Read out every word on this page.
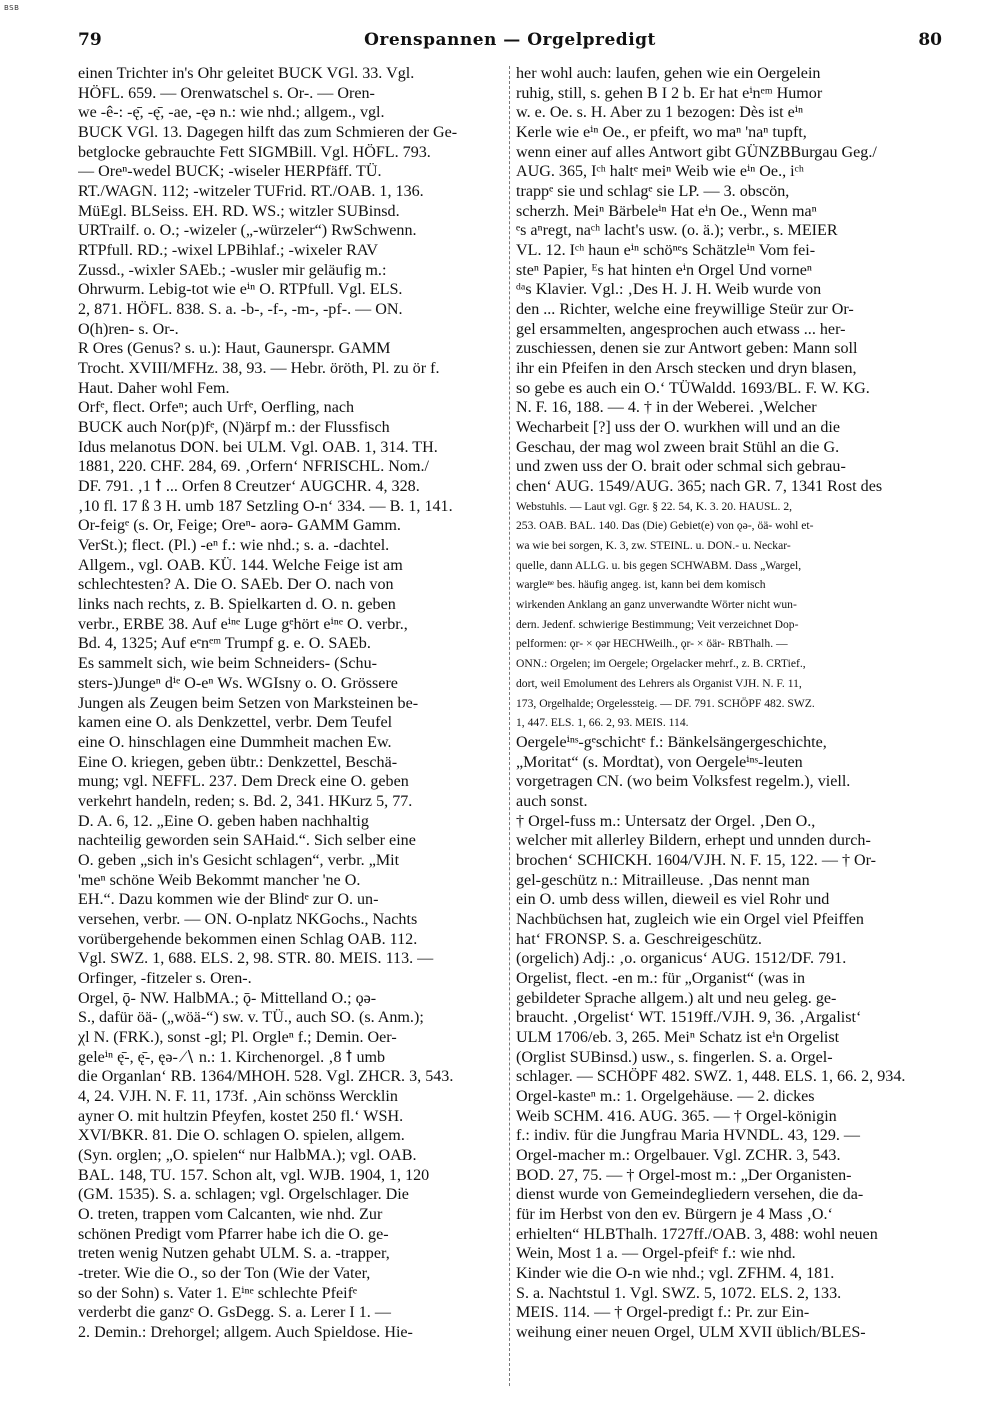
BSB
79	Orenspannen — Orgelpredigt	80
einen Trichter in's Ohr geleitet BUCK VGl. 33. Vgl.
HÖFL. 659. — Orenwatschel s. Or-. — Oren-
we -ê-: -ę̄, -ę̄, -ae, -ęə n.: wie nhd.; allgem., vgl.
BUCK VGl. 13. Dagegen hilft das zum Schmieren der Ge-
betglocke gebrauchte Fett SIGMBill. Vgl. HÖFL. 793.
— Oreⁿ-wedel BUCK; -wiseler HERPfäff. TÜ.
RT./WAGN. 112; -witzeler TUFrid. RT./OAB. 1, 136.
MüEgl. BLSeiss. EH. RD. WS.; witzler SUBinsd.
URTrailf. o. O.; -wizeler („-würzeler“) RwSchwenn.
RTPfull. RD.; -wixel LPBihlaf.; -wixeler RAV
Zussd., -wixler SAEb.; -wusler mir geläufig m.:
Ohrwurm. Lebig-tot wie eⁱⁿ O. RTPfull. Vgl. ELS.
2, 871. HÖFL. 838. S. a. -b-, -f-, -m-, -pf-. — ON.
O(h)ren- s. Or-.
R Ores (Genus? s. u.): Haut, Gaunerspr. GAMM
Trocht. XVIII/MFHz. 38, 93. — Hebr. öröth, Pl. zu ör f.
Haut. Daher wohl Fem.
Orfᵉ, flect. Orfeⁿ; auch Urfᵉ, Oerfling, nach
BUCK auch Nor(p)fᵉ, (N)ärpf m.: der Flussfisch
Idus melanotus DON. bei ULM. Vgl. OAB. 1, 314. TH.
1881, 220. CHF. 284, 69. ‚Orfern‘ NFRISCHL. Nom./
DF. 791. ‚1 ꝉ ... Orfen 8 Creutzer‘ AUGCHR. 4, 328.
‚10 fl. 17 ß 3 H. umb 187 Setzling O-n‘ 334. — B. 1, 141.
Or-feigᵉ (s. Or, Feige; Oreⁿ- aorə- GAMM Gamm.
VerSt.); flect. (Pl.) -eⁿ f.: wie nhd.; s. a. -dachtel.
Allgem., vgl. OAB. KÜ. 144. Welche Feige ist am
schlechtesten? A. Die O. SAEb. Der O. nach von
links nach rechts, z. B. Spielkarten d. O. n. geben
verbr., ERBE 38. Auf eⁱⁿᵉ Luge gᵉhört eⁱⁿᵉ O. verbr.,
Bd. 4, 1325; Auf eᵉnᵉᵐ Trumpf g. e. O. SAEb.
Es sammelt sich, wie beim Schneiders- (Schu-
sters-)Jungeⁿ dⁱᵉ O-eⁿ Ws. WGIsny o. O. Grössere
Jungen als Zeugen beim Setzen von Marksteinen be-
kamen eine O. als Denkzettel, verbr. Dem Teufel
eine O. hinschlagen eine Dummheit machen Ew.
Eine O. kriegen, geben übtr.: Denkzettel, Beschä-
mung; vgl. NEFFL. 237. Dem Dreck eine O. geben
verkehrt handeln, reden; s. Bd. 2, 341. HKurz 5, 77.
D. A. 6, 12. „Eine O. geben haben nachhaltig
nachteilig geworden sein SAHaid.“. Sich selber eine
O. geben „sich in's Gesicht schlagen“, verbr. „Mit
'meⁿ schöne Weib Bekommt mancher 'ne O.
EH.“. Dazu kommen wie der Blindᵉ zur O. un-
versehen, verbr. — ON. O-nplatz NKGochs., Nachts
vorübergehende bekommen einen Schlag OAB. 112.
Vgl. SWZ. 1, 688. ELS. 2, 98. STR. 80. MEIS. 113. —
Orfinger, -fitzeler s. Oren-.
Orgel, ǭ- NW. HalbMA.; ǭ- Mittelland O.; ǫə-
S., dafür öä- („wöä-“) sw. v. TÜ., auch SO. (s. Anm.);
χl N. (FRK.), sonst -gl; Pl. Orgleⁿ f.; Demin. Oer-
geleⁱⁿ ę̄-, ę̄-, ęə- ∕∖ n.: 1. Kirchenorgel. ‚8 ꝉ umb
die Organlan‘ RB. 1364/MHOH. 528. Vgl. ZHCR. 3, 543.
4, 24. VJH. N. F. 11, 173f. ‚Ain schönss Wercklin
ayner O. mit hultzin Pfeyfen, kostet 250 fl.‘ WSH.
XVI/BKR. 81. Die O. schlagen O. spielen, allgem.
(Syn. orglen; „O. spielen“ nur HalbMA.); vgl. OAB.
BAL. 148, TU. 157. Schon alt, vgl. WJB. 1904, 1, 120
(GM. 1535). S. a. schlagen; vgl. Orgelschlager. Die
O. treten, trappen vom Calcanten, wie nhd. Zur
schönen Predigt vom Pfarrer habe ich die O. ge-
treten wenig Nutzen gehabt ULM. S. a. -trapper,
-treter. Wie die O., so der Ton (Wie der Vater,
so der Sohn) s. Vater 1. Eⁱⁿᵉ schlechte Pfeifᵉ
verderbt die ganzᵉ O. GsDegg. S. a. Lerer I 1. —
2. Demin.: Drehorgel; allgem. Auch Spieldose. Hie-
her wohl auch: laufen, gehen wie ein Oergelein
ruhig, still, s. gehen B I 2 b. Er hat eⁱnᵉᵐ Humor
w. e. Oe. s. H. Aber zu 1 bezogen: Dès ist eⁱⁿ
Kerle wie eⁱⁿ Oe., er pfeift, wo maⁿ 'naⁿ tupft,
wenn einer auf alles Antwort gibt GÜNZBBurgau Geg./
AUG. 365, Iᶜʰ haltᵉ meiⁿ Weib wie eⁱⁿ Oe., iᶜʰ
trappᵉ sie und schlagᵉ sie LP. — 3. obscön,
scherzh. Meiⁿ Bärbeleⁱⁿ Hat eⁱn Oe., Wenn maⁿ
ᵉs aⁿregt, naᶜʰ lacht's usw. (o. ä.); verbr., s. MEIER
VL. 12. Iᶜʰ haun eⁱⁿ schöⁿᵉs Schätzleⁱⁿ Vom fei-
steⁿ Papier, ᴱs hat hinten eⁱn Orgel Und vorneⁿ
ᵈᵃs Klavier. Vgl.: ‚Des H. J. H. Weib wurde von
den ... Richter, welche eine freywillige Steür zur Or-
gel ersammelten, angesprochen auch etwass ... her-
zuschiessen, denen sie zur Antwort geben: Mann soll
ihr ein Pfeifen in den Arsch stecken und dryn blasen,
so gebe es auch ein O.‘ TÜWaldd. 1693/BL. F. W. KG.
N. F. 16, 188. — 4. † in der Weberei. ‚Welcher
Wecharbeit [?] uss der O. wurkhen will und an die
Geschau, der mag wol zween brait Stühl an die G.
und zwen uss der O. brait oder schmal sich gebrau-
chen‘ AUG. 1549/AUG. 365; nach GR. 7, 1341 Rost des
Webstuhls. — Laut vgl. Ggr. § 22. 54, K. 3. 20. HAUSL. 2,
253. OAB. BAL. 140. Das (Die) Gebiet(e) von ǫə-, öä- wohl et-
wa wie bei sorgen, K. 3, zw. STEINL. u. DON.- u. Neckar-
quelle, dann ALLG. u. bis gegen SCHWABM. Dass „Wargel,
wargleⁿᵉ bes. häufig angeg. ist, kann bei dem komisch
wirkenden Anklang an ganz unverwandte Wörter nicht wun-
dern. Jedenf. schwierige Bestimmung; Veit verzeichnet Dop-
pelformen: ǫr- × ǫər HECHWeilh., ǫr- × öär- RBThalh. —
ONN.: Orgelen; im Oergele; Orgelacker mehrf., z. B. CRTief.,
dort, weil Emolument des Lehrers als Organist VJH. N. F. 11,
173, Orgelhalde; Orgelessteig. — DF. 791. SCHÖPF 482. SWZ.
1, 447. ELS. 1, 66. 2, 93. MEIS. 114.
Oergeleⁱⁿˢ-gᵉschichtᵉ f.: Bänkelsängergeschichte,
„Moritat“ (s. Mordtat), von Oergeleⁱⁿˢ-leuten
vorgetragen CN. (wo beim Volksfest regelm.), viell.
auch sonst.
† Orgel-fuss m.: Untersatz der Orgel. ‚Den O.,
welcher mit allerley Bildern, erhept und unnden durch-
brochen‘ SCHICKH. 1604/VJH. N. F. 15, 122. — † Or-
gel-geschütz n.: Mitrailleuse. ‚Das nennt man
ein O. umb dess willen, dieweil es viel Rohr und
Nachbüchsen hat, zugleich wie ein Orgel viel Pfeiffen
hat‘ FRONSP. S. a. Geschreigeschütz.
(orgelich) Adj.: ‚o. organicus‘ AUG. 1512/DF. 791.
Orgelist, flect. -en m.: für „Organist“ (was in
gebildeter Sprache allgem.) alt und neu geleg. ge-
braucht. ‚Orgelist‘ WT. 1519ff./VJH. 9, 36. ‚Argalist‘
ULM 1706/eb. 3, 265. Meiⁿ Schatz ist eⁱn Orgelist
(Orglist SUBinsd.) usw., s. fingerlen. S. a. Orgel-
schlager. — SCHÖPF 482. SWZ. 1, 448. ELS. 1, 66. 2, 934.
Orgel-kasteⁿ m.: 1. Orgelgehäuse. — 2. dickes
Weib SCHM. 416. AUG. 365. — † Orgel-königin
f.: indiv. für die Jungfrau Maria HVNDL. 43, 129. —
Orgel-macher m.: Orgelbauer. Vgl. ZCHR. 3, 543.
BOD. 27, 75. — † Orgel-most m.: „Der Organisten-
dienst wurde von Gemeindegliedern versehen, die da-
für im Herbst von den ev. Bürgern je 4 Mass ‚O.‘
erhielten“ HLBThalh. 1727ff./OAB. 3, 488: wohl neuen
Wein, Most 1 a. — Orgel-pfeifᵉ f.: wie nhd.
Kinder wie die O-n wie nhd.; vgl. ZFHM. 4, 181.
S. a. Nachtstul 1. Vgl. SWZ. 5, 1072. ELS. 2, 133.
MEIS. 114. — † Orgel-predigt f.: Pr. zur Ein-
weihung einer neuen Orgel, ULM XVII üblich/BLES-
